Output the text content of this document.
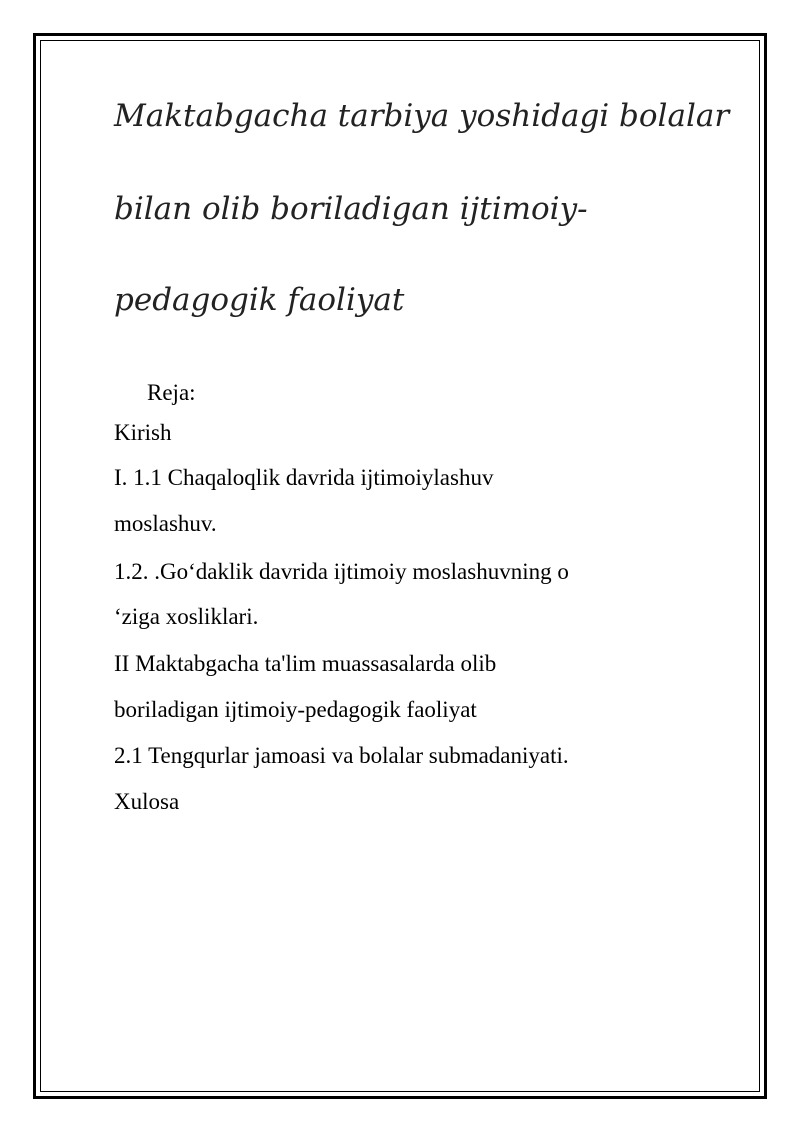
Maktabgacha tarbiya yoshidagi bolalar

bilan olib boriladigan ijtimoiy-

pedagogik faoliyat

Reja:

Kirish

I. 1.1 Chaqaloqlik davrida ijtimoiylashuv

moslashuv.

1.2. .Go‘daklik davrida ijtimoiy moslashuvning o

‘ziga xosliklari.

II Maktabgacha ta'lim muassasalarda olib

boriladigan ijtimoiy-pedagogik faoliyat

2.1 Tengqurlar jamoasi va bolalar submadaniyati.

Xulosa
